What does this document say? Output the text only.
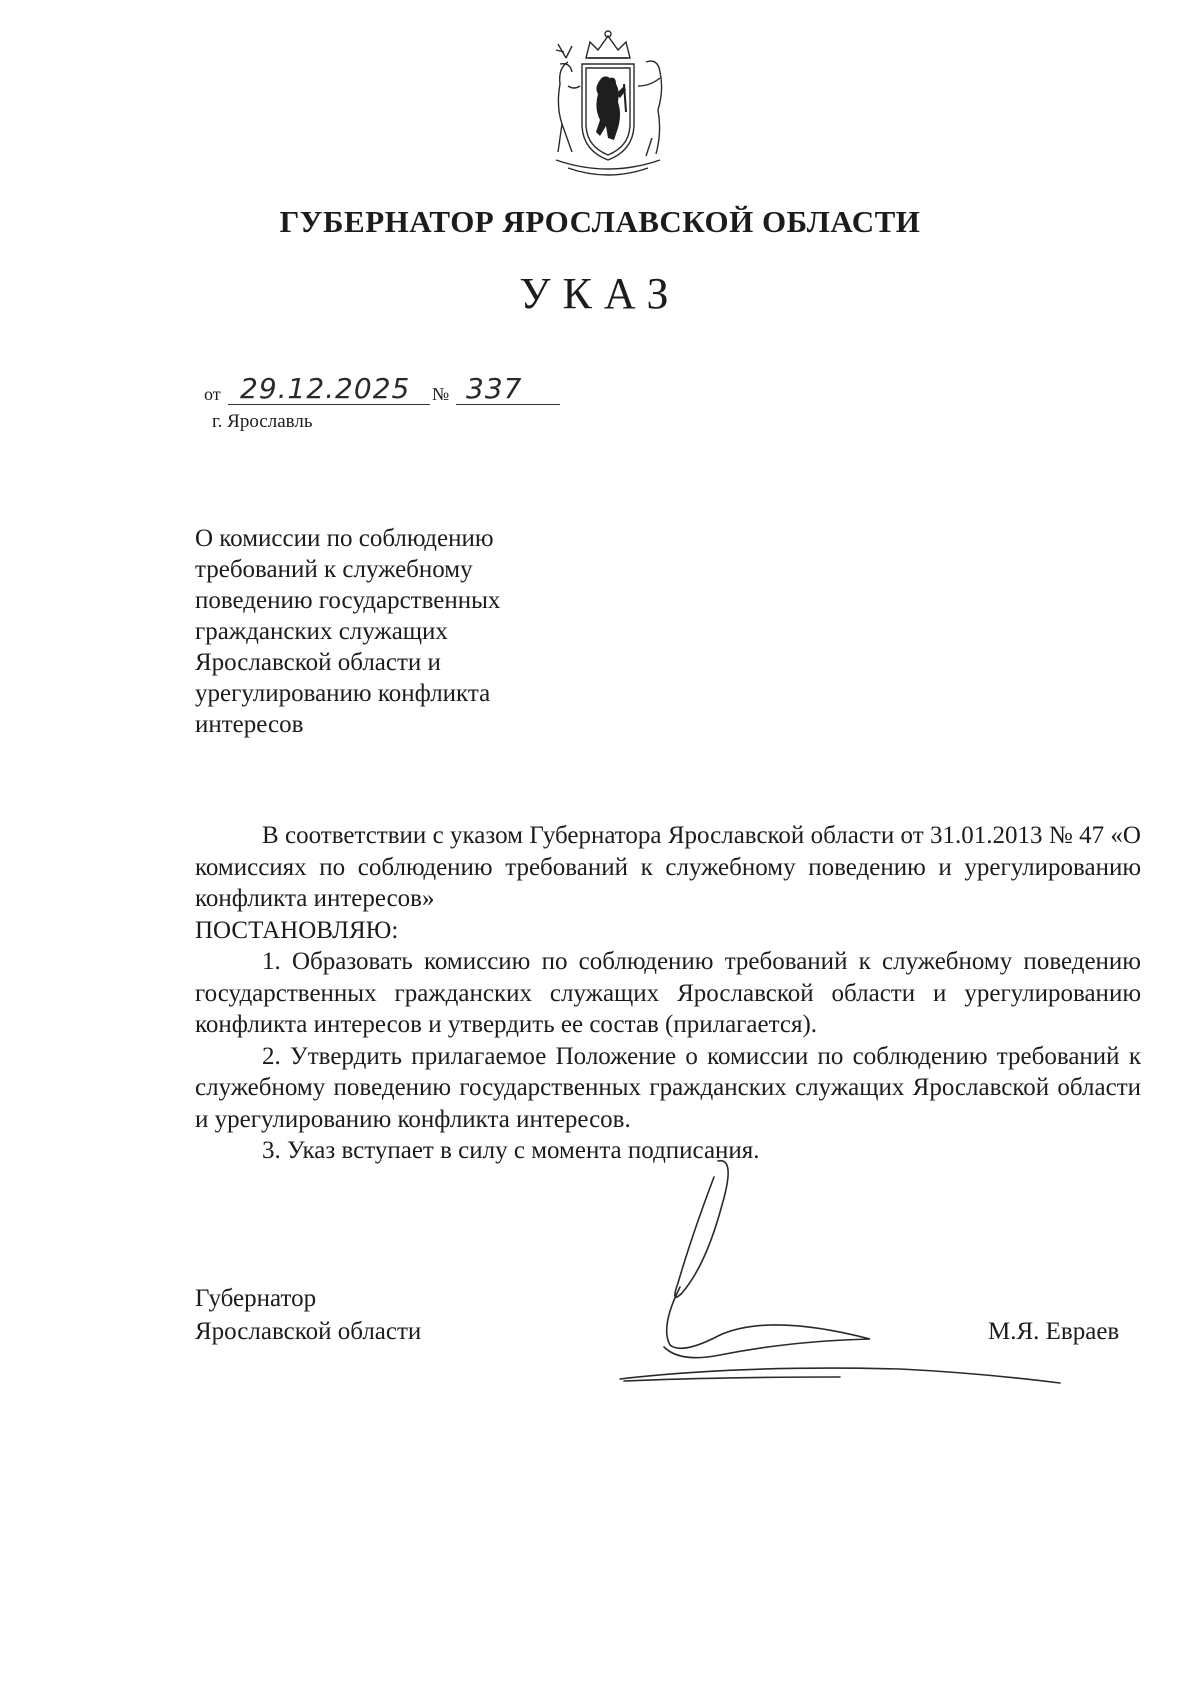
ГУБЕРНАТОР ЯРОСЛАВСКОЙ ОБЛАСТИ
УКАЗ
от 29.12.2025 № 337
г. Ярославль
О комиссии по соблюдению
требований к служебному
поведению государственных
гражданских служащих
Ярославской области и
урегулированию конфликта
интересов

В соответствии с указом Губернатора Ярославской области от 31.01.2013 № 47 «О комиссиях по соблюдению требований к служебному поведению и урегулированию конфликта интересов»

ПОСТАНОВЛЯЮ:

1. Образовать комиссию по соблюдению требований к служебному поведению государственных гражданских служащих Ярославской области и урегулированию конфликта интересов и утвердить ее состав (прилагается).

2. Утвердить прилагаемое Положение о комиссии по соблюдению требований к служебному поведению государственных гражданских служащих Ярославской области и урегулированию конфликта интересов.

3. Указ вступает в силу с момента подписания.

Губернатор
Ярославской области	М.Я. Евраев
